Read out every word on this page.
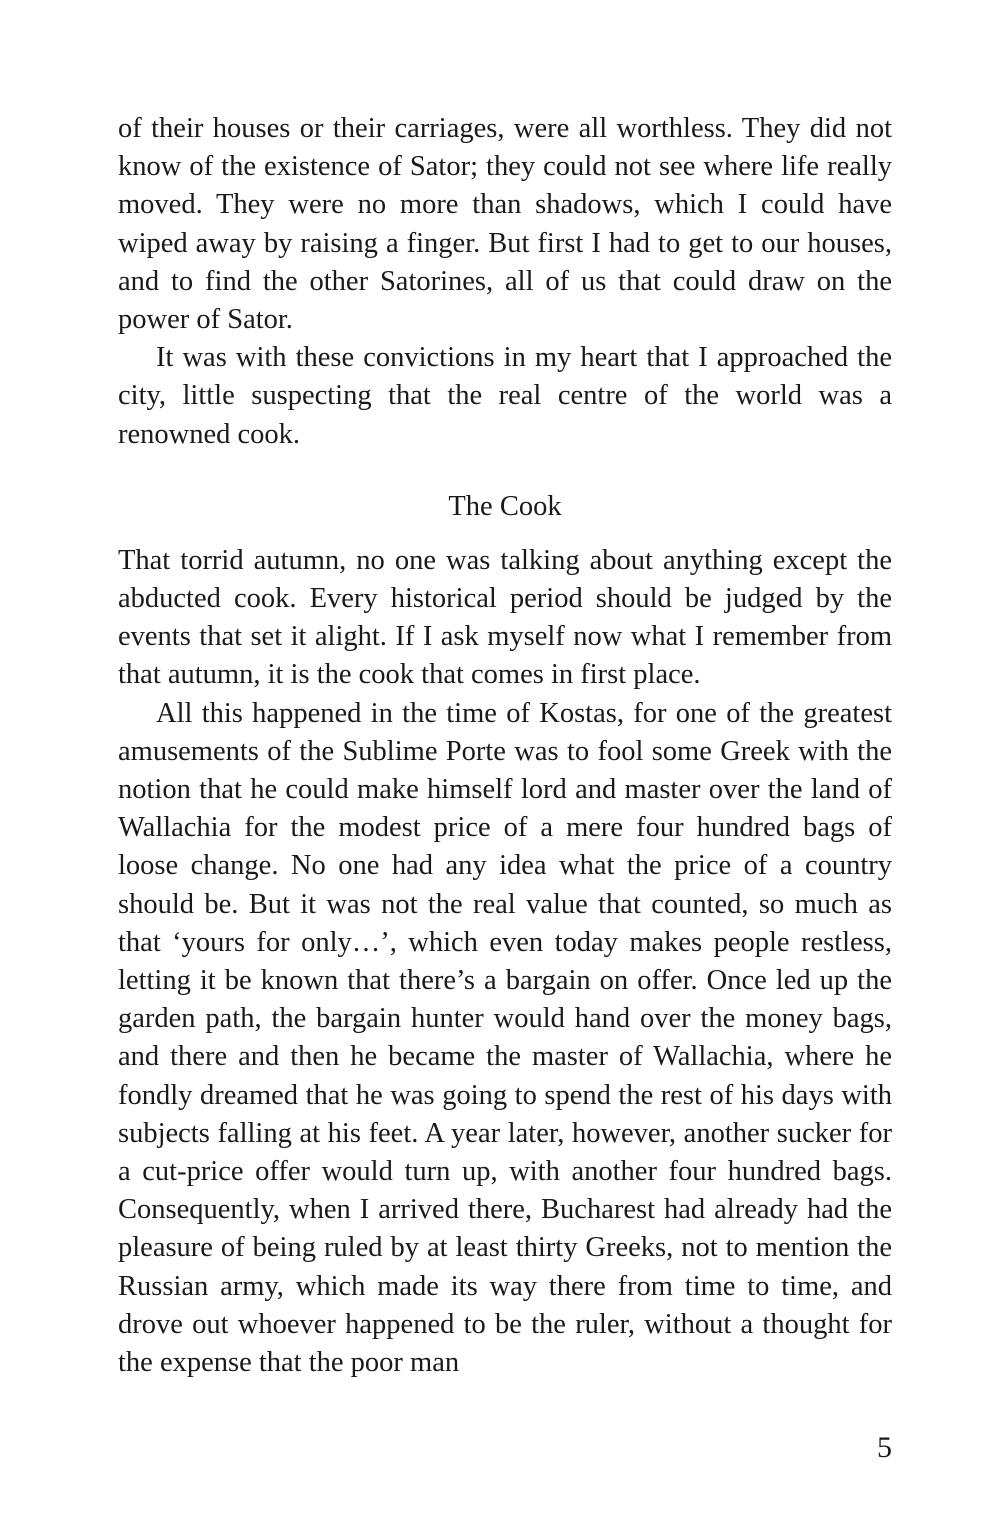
of their houses or their carriages, were all worthless. They did not know of the existence of Sator; they could not see where life really moved. They were no more than shadows, which I could have wiped away by raising a finger. But first I had to get to our houses, and to find the other Satorines, all of us that could draw on the power of Sator.

It was with these convictions in my heart that I approached the city, little suspecting that the real centre of the world was a renowned cook.

The Cook

That torrid autumn, no one was talking about anything except the abducted cook. Every historical period should be judged by the events that set it alight. If I ask myself now what I remember from that autumn, it is the cook that comes in first place.

All this happened in the time of Kostas, for one of the greatest amusements of the Sublime Porte was to fool some Greek with the notion that he could make himself lord and master over the land of Wallachia for the modest price of a mere four hundred bags of loose change. No one had any idea what the price of a country should be. But it was not the real value that counted, so much as that ‘yours for only…’, which even today makes people restless, letting it be known that there’s a bargain on offer. Once led up the garden path, the bargain hunter would hand over the money bags, and there and then he became the master of Wallachia, where he fondly dreamed that he was going to spend the rest of his days with subjects falling at his feet. A year later, however, another sucker for a cut-price offer would turn up, with another four hundred bags. Consequently, when I arrived there, Bucharest had already had the pleasure of being ruled by at least thirty Greeks, not to mention the Russian army, which made its way there from time to time, and drove out whoever happened to be the ruler, without a thought for the expense that the poor man

5
